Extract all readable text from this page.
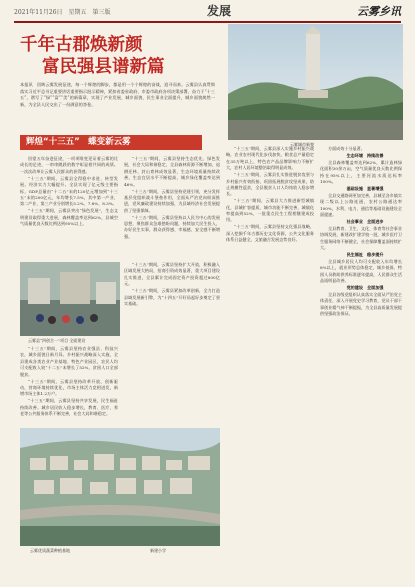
2021年11月26日　星期五　第三版	发展	云雾乡讯
千年古郡焕新颜
富民强县谱新篇
本报讯　回眸云雾发展征途，每一个辉煌的脚步，都是用一个个辉煌的奋战，追寻而来。云雾县认真贯彻落实习近平总书记重要讲话重要指示批示精神，紧扣省委省政府、市委市政府各项决策部署，奋力于“十三五”，谱写了“绿”“富”“美”的新篇章，实现了产业发展、城乡面貌、民生事业全面提升，城乡面貌焕然一新，为全县人民交出了一份满意的答卷。
辉煌“十三五”　蝶变新云雾

回望五年奋进征途，一项项唯变见证着云雾的比成长的足迹，一串串跳跃的数字彰显着共同的成绩。一次次改革让云雾人民群众的获得感。

“十三五”期间，云雾县全得稳中求进、转型发展。经济实力大幅提升。全县实现了亿元级主要指标，GDP总量由“十二五”末的120亿元增加到“十三五”末的200亿元，年均增长7.5%，其中第一产业、第二产业、第三产业分别增长5.2%、7.8%、8.3%。

“十三五”期间，云雾县突出“绿色发展”，生态文明建设取得重大进展，森林覆盖率达到62%，县城空气质量优良天数比例达到95%以上。

“十三五”期间，云雾县坚持生态优先、绿色发展，社会大局和谐稳定，全县森林资源不断增加，退耕还林、封山育林成效显著，生态环境质量持续改善，生态宜居水平不断提高，城乡绿化覆盖率达到46%。

“十三五”期间，云雾县坚持党建引领，充分发挥基层党组织战斗堡垒作用，全面从严治党向纵深推进，党风廉政建设持续加强，为县域经济社会发展提供了坚强保障。

“十三五”期间，云雾县坚持以人民为中心的发展思想，聚焦群众急难愁盼问题，持续加大民生投入，办好民生实事，群众获得感、幸福感、安全感不断增强。

云雾县“四创合一”项目 全面建设

“十三五”期间，云雾县坚持农业强县、科技兴农，城乡面貌日新月异。乡村振兴战略深入实施，全县建成各类农业产业基地、特色产业园区，农民人均可支配收入较“十二五”末增长了52%，贫困人口全部脱贫。

“十三五”期间，云雾县坚持改革开放，创新驱动，营商环境持续优化，市场主体活力竞相迸发，新增市场主体1.2万户。

“十三五”期间，云雾县坚持共享发展，民生福祉持续改善。城乡居民收入稳步增长，教育、医疗、养老等公共服务体系不断完善，社会大局和谐稳定。

“十三五”期间，云雾县坚持扩大开放，积极融入区域发展大格局，招商引资成效显著，重大项目建设扎实推进，全县累计完成固定资产投资超过800亿元。

“十三五”期间，云雾县紧扣改革创新，全力打造县域发展新引擎，为“十四五”开好局起好步奠定了坚实基础。

“十三五”期间，云雾县深入实施乡村振兴战略，农业农村现代化步伐加快，粮食总产量稳定在35万吨以上，特色农产品品牌影响力不断扩大，农村人居环境整治取得明显成效。

“十三五”期间，云雾县扎实推进脱贫攻坚与乡村振兴有效衔接，巩固拓展脱贫攻坚成果，防止规模性返贫，全县脱贫人口人均纯收入稳步增长。

“十三五”期间，云雾县大力推进新型城镇化，县城扩容提质，城市功能不断完善，城镇化率提高到52%，一批重点民生工程相继建成投用。

“十三五”期间，云雾县坚持文化强县战略，深入挖掘千年古郡历史文化资源，公共文化服务体系日益健全，文旅融合发展态势良好。

方面成效十分显著。

生态环境　持续改善

全县森林覆盖率达到62%，累计造林绿化面积30余万亩，空气质量优良天数比例保持在95%以上，主要河流水质达标率100%。

基础设施　显著增强

全县交通路网更加完善，县城至各乡镇实现二级以上公路连通，农村公路通达率100%，水利、电力、通信等基础设施建设全面提速。

社会事业　全面进步

全县教育、卫生、文化、体育等社会事业协调发展，新建改扩建学校一批，城乡医疗卫生服务网络不断健全，社会保障覆盖面持续扩大。

民生福祉　稳步提升

全县城乡居民人均可支配收入年均增长8%以上，就业形势总体稳定，城乡低保、特困人员救助供养标准逐年提高，人民群众生活品质明显改善。

党的建设　全面加强

全县各级党组织认真落实全面从严治党主体责任，深入开展党史学习教育，党员干部干事创业精气神不断提振，为全县高质量发展提供坚强政治保证。

云雾优质蔬菜种植基地	新建小学
云雾城市新貌
